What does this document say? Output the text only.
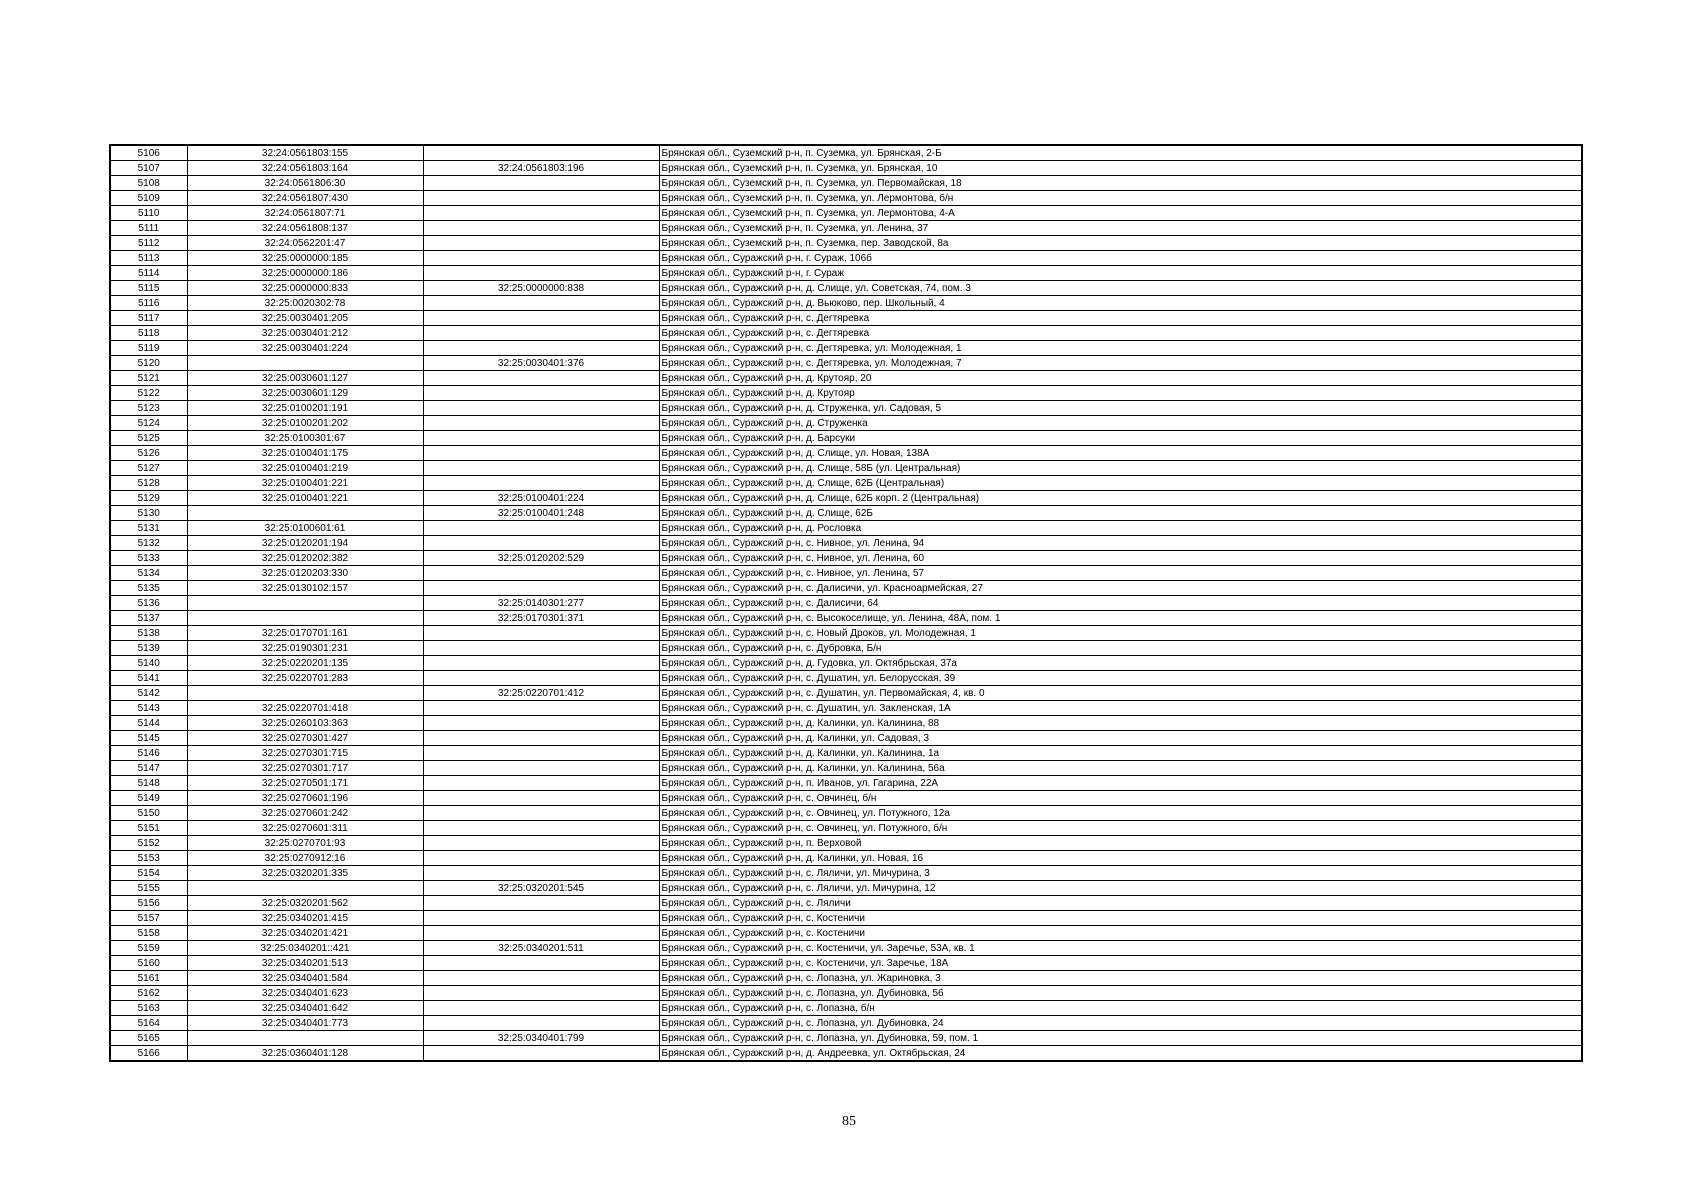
5106	32:24:0561803:155		Брянская обл., Суземский р-н, п. Суземка, ул. Брянская, 2-Б
5107	32:24:0561803:164	32:24:0561803:196	Брянская обл., Суземский р-н, п. Суземка, ул. Брянская, 10
5108	32:24:0561806:30		Брянская обл., Суземский р-н, п. Суземка, ул. Первомайская, 18
5109	32:24:0561807:430		Брянская обл., Суземский р-н, п. Суземка, ул. Лермонтова, б/н
5110	32:24:0561807:71		Брянская обл., Суземский р-н, п. Суземка, ул. Лермонтова, 4-А
5111	32:24:0561808:137		Брянская обл., Суземский р-н, п. Суземка, ул. Ленина, 37
5112	32:24:0562201:47		Брянская обл., Суземский р-н, п. Суземка, пер. Заводской, 8а
5113	32:25:0000000:185		Брянская обл., Суражский р-н, г. Сураж, 106б
5114	32:25:0000000:186		Брянская обл., Суражский р-н, г. Сураж
5115	32:25:0000000:833	32:25:0000000:838	Брянская обл., Суражский р-н, д. Слище, ул. Советская, 74, пом. 3
5116	32:25:0020302:78		Брянская обл., Суражский р-н, д. Вьюково, пер. Школьный, 4
5117	32:25:0030401:205		Брянская обл., Суражский р-н, с. Дегтяревка
5118	32:25:0030401:212		Брянская обл., Суражский р-н, с. Дегтяревка
5119	32:25:0030401:224		Брянская обл., Суражский р-н, с. Дегтяревка, ул. Молодежная, 1
5120		32:25:0030401:376	Брянская обл., Суражский р-н, с. Дегтяревка, ул. Молодежная, 7
5121	32:25:0030601:127		Брянская обл., Суражский р-н, д. Крутояр, 20
5122	32:25:0030601:129		Брянская обл., Суражский р-н, д. Крутояр
5123	32:25:0100201:191		Брянская обл., Суражский р-н, д. Струженка, ул. Садовая, 5
5124	32:25:0100201:202		Брянская обл., Суражский р-н, д. Струженка
5125	32:25:0100301:67		Брянская обл., Суражский р-н, д. Барсуки
5126	32:25:0100401:175		Брянская обл., Суражский р-н, д. Слище, ул. Новая, 138А
5127	32:25:0100401:219		Брянская обл., Суражский р-н, д. Слище, 58Б (ул. Центральная)
5128	32:25:0100401:221		Брянская обл., Суражский р-н, д. Слище, 62Б (Центральная)
5129	32:25:0100401:221	32:25:0100401:224	Брянская обл., Суражский р-н, д. Слище, 62Б корп. 2 (Центральная)
5130		32:25:0100401:248	Брянская обл., Суражский р-н, д. Слище, 62Б
5131	32:25:0100601:61		Брянская обл., Суражский р-н, д. Рословка
5132	32:25:0120201:194		Брянская обл., Суражский р-н, с. Нивное, ул. Ленина, 94
5133	32:25:0120202:382	32:25:0120202:529	Брянская обл., Суражский р-н, с. Нивное, ул. Ленина, 60
5134	32:25:0120203:330		Брянская обл., Суражский р-н, с. Нивное, ул. Ленина, 57
5135	32:25:0130102:157		Брянская обл., Суражский р-н, с. Далисичи, ул. Красноармейская, 27
5136		32:25:0140301:277	Брянская обл., Суражский р-н, с. Далисичи, 64
5137		32:25:0170301:371	Брянская обл., Суражский р-н, с. Высокоселище, ул. Ленина, 48А, пом. 1
5138	32:25:0170701:161		Брянская обл., Суражский р-н, с. Новый Дроков, ул. Молодежная, 1
5139	32:25:0190301:231		Брянская обл., Суражский р-н, с. Дубровка, Б/н
5140	32:25:0220201:135		Брянская обл., Суражский р-н, д. Гудовка, ул. Октябрьская, 37а
5141	32:25:0220701:283		Брянская обл., Суражский р-н, с. Душатин, ул. Белорусская, 39
5142		32:25:0220701:412	Брянская обл., Суражский р-н, с. Душатин, ул. Первомайская, 4, кв. 0
5143	32:25:0220701:418		Брянская обл., Суражский р-н, с. Душатин, ул. Закленская, 1А
5144	32:25:0260103:363		Брянская обл., Суражский р-н, д. Калинки, ул. Калинина, 88
5145	32:25:0270301:427		Брянская обл., Суражский р-н, д. Калинки, ул. Садовая, 3
5146	32:25:0270301:715		Брянская обл., Суражский р-н, д. Калинки, ул. Калинина, 1а
5147	32:25:0270301:717		Брянская обл., Суражский р-н, д. Калинки, ул. Калинина, 56а
5148	32:25:0270501:171		Брянская обл., Суражский р-н, п. Иванов, ул. Гагарина, 22А
5149	32:25:0270601:196		Брянская обл., Суражский р-н, с. Овчинец, б/н
5150	32:25:0270601:242		Брянская обл., Суражский р-н, с. Овчинец, ул. Потужного, 12а
5151	32:25:0270601:311		Брянская обл., Суражский р-н, с. Овчинец, ул. Потужного, б/н
5152	32:25:0270701:93		Брянская обл., Суражский р-н, п. Верховой
5153	32:25:0270912:16		Брянская обл., Суражский р-н, д. Калинки, ул. Новая, 16
5154	32:25:0320201:335		Брянская обл., Суражский р-н, с. Ляличи, ул. Мичурина, 3
5155		32:25:0320201:545	Брянская обл., Суражский р-н, с. Ляличи, ул. Мичурина, 12
5156	32:25:0320201:562		Брянская обл., Суражский р-н, с. Ляличи
5157	32:25:0340201:415		Брянская обл., Суражский р-н, с. Костеничи
5158	32:25:0340201:421		Брянская обл., Суражский р-н, с. Костеничи
5159	32:25:0340201::421	32:25:0340201:511	Брянская обл., Суражский р-н, с. Костеничи, ул. Заречье, 53А, кв. 1
5160	32:25:0340201:513		Брянская обл., Суражский р-н, с. Костеничи, ул. Заречье, 18А
5161	32:25:0340401:584		Брянская обл., Суражский р-н, с. Лопазна, ул. Жариновка, 3
5162	32:25:0340401:623		Брянская обл., Суражский р-н, с. Лопазна, ул. Дубиновка, 56
5163	32:25:0340401:642		Брянская обл., Суражский р-н, с. Лопазна, б/н
5164	32:25:0340401:773		Брянская обл., Суражский р-н, с. Лопазна, ул. Дубиновка, 24
5165		32:25:0340401:799	Брянская обл., Суражский р-н, с. Лопазна, ул. Дубиновка, 59, пом. 1
5166	32:25:0360401:128		Брянская обл., Суражский р-н, д. Андреевка, ул. Октябрьская, 24
85
